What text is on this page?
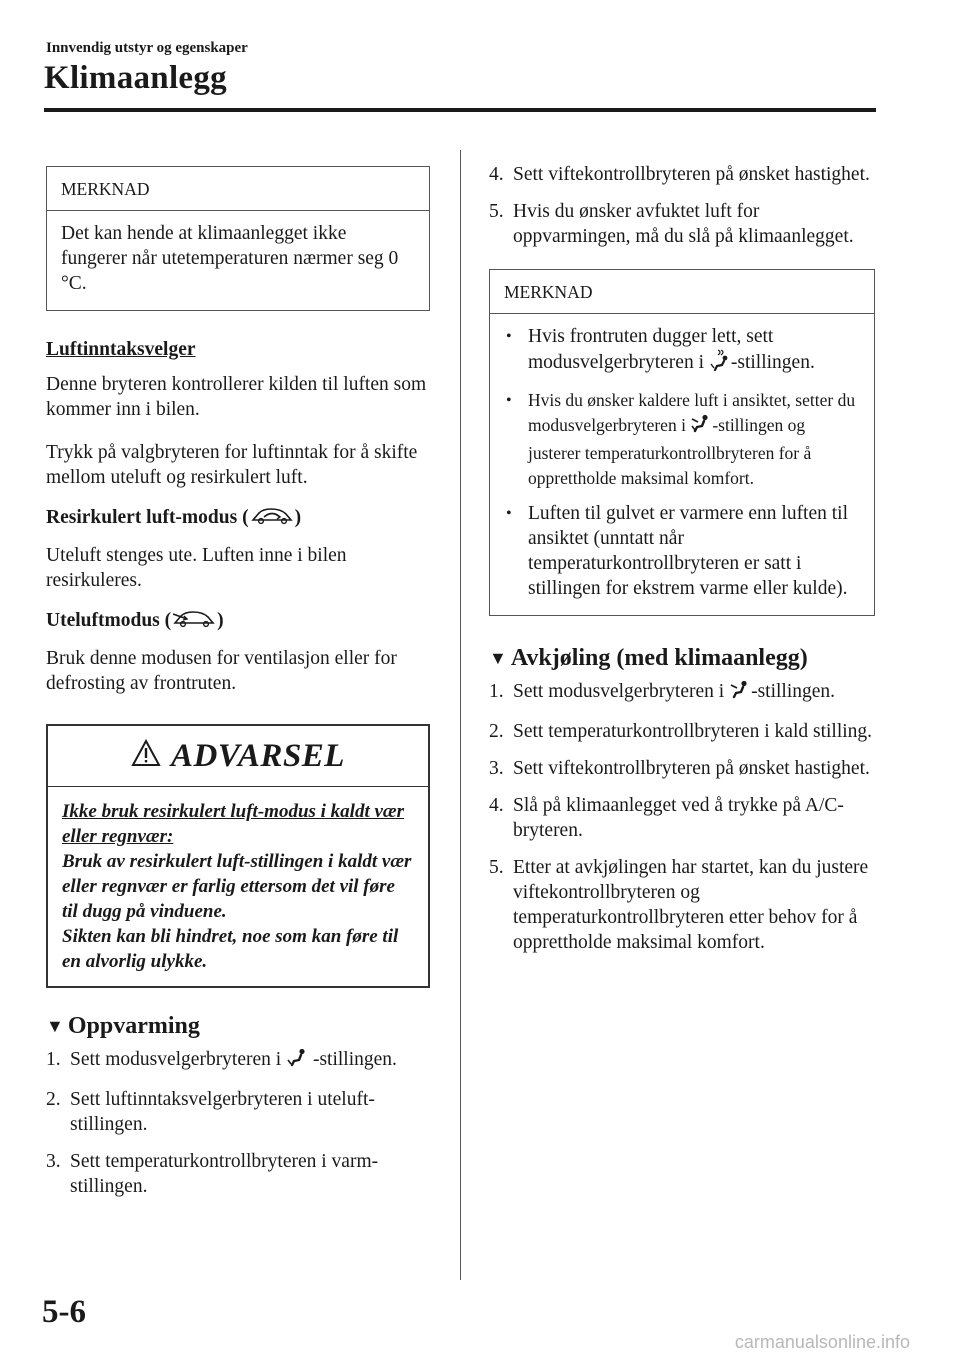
Innvendig utstyr og egenskaper
Klimaanlegg
MERKNAD
Det kan hende at klimaanlegget ikke fungerer når utetemperaturen nærmer seg 0 °C.
Luftinntaksvelger

Denne bryteren kontrollerer kilden til luften som kommer inn i bilen.

Trykk på valgbryteren for luftinntak for å skifte mellom uteluft og resirkulert luft.

Resirkulert luft-modus ( )

Uteluft stenges ute. Luften inne i bilen resirkuleres.

Uteluftmodus ( )

Bruk denne modusen for ventilasjon eller for defrosting av frontruten.

ADVARSEL
Ikke bruk resirkulert luft-modus i kaldt vær eller regnvær:
Bruk av resirkulert luft-stillingen i kaldt vær eller regnvær er farlig ettersom det vil føre til dugg på vinduene.
Sikten kan bli hindret, noe som kan føre til en alvorlig ulykke.
▼ Oppvarming
1. Sett modusvelgerbryteren i -stillingen.
2. Sett luftinntaksvelgerbryteren i uteluft-stillingen.
3. Sett temperaturkontrollbryteren i varm-stillingen.
4. Sett viftekontrollbryteren på ønsket hastighet.
5. Hvis du ønsker avfuktet luft for oppvarmingen, må du slå på klimaanlegget.
MERKNAD
• Hvis frontruten dugger lett, sett modusvelgerbryteren i -stillingen.
• Hvis du ønsker kaldere luft i ansiktet, setter du modusvelgerbryteren i -stillingen og justerer temperaturkontrollbryteren for å opprettholde maksimal komfort.
• Luften til gulvet er varmere enn luften til ansiktet (unntatt når temperaturkontrollbryteren er satt i stillingen for ekstrem varme eller kulde).
▼ Avkjøling (med klimaanlegg)
1. Sett modusvelgerbryteren i -stillingen.
2. Sett temperaturkontrollbryteren i kald stilling.
3. Sett viftekontrollbryteren på ønsket hastighet.
4. Slå på klimaanlegget ved å trykke på A/C-bryteren.
5. Etter at avkjølingen har startet, kan du justere viftekontrollbryteren og temperaturkontrollbryteren etter behov for å opprettholde maksimal komfort.
5-6
carmanualsonline.info
